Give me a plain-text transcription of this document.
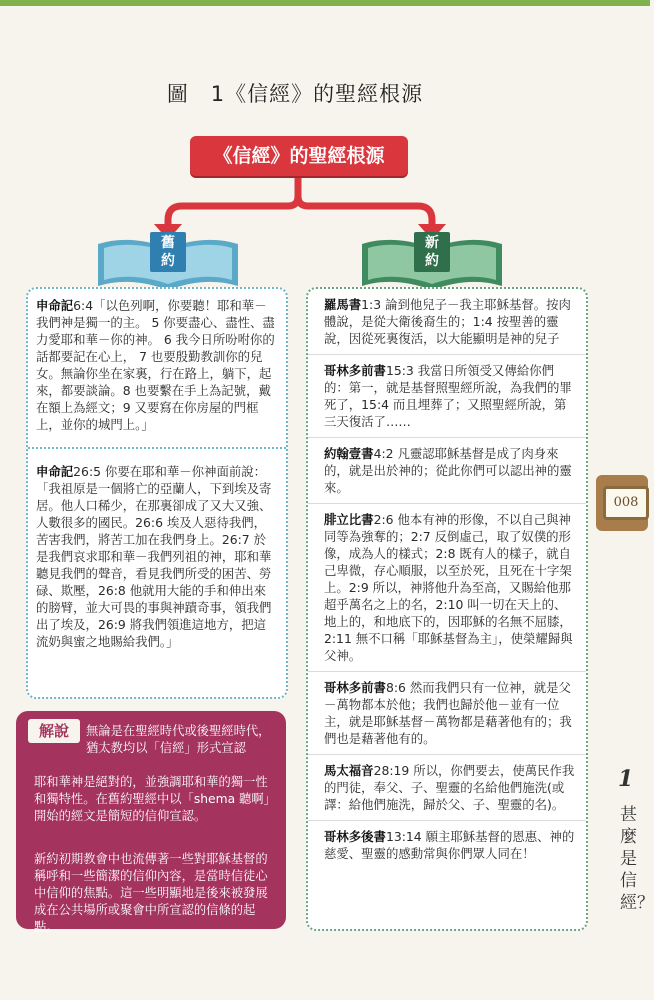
圖　1《信經》的聖經根源
《信經》的聖經根源
舊約
新約
申命記6:4「以色列啊，你要聽！耶和華－我們神是獨一的主。 5 你要盡心、盡性、盡力愛耶和華－你的神。 6 我今日所吩咐你的話都要記在心上， 7 也要殷勤教訓你的兒女。無論你坐在家裏，行在路上，躺下，起來，都要談論。8 也要繫在手上為記號，戴在額上為經文；9 又要寫在你房屋的門框上，並你的城門上。」
申命記26:5 你要在耶和華－你神面前說：「我祖原是一個將亡的亞蘭人，下到埃及寄居。他人口稀少，在那裏卻成了又大又強、人數很多的國民。26:6 埃及人惡待我們，苦害我們，將苦工加在我們身上。26:7 於是我們哀求耶和華－我們列祖的神，耶和華聽見我們的聲音，看見我們所受的困苦、勞碌、欺壓，26:8 他就用大能的手和伸出來的膀臂，並大可畏的事與神蹟奇事，領我們出了埃及，26:9 將我們領進這地方，把這流奶與蜜之地賜給我們。」
羅馬書1:3 論到他兒子－我主耶穌基督。按肉體說，是從大衛後裔生的；1:4 按聖善的靈說，因從死裏復活，以大能顯明是神的兒子
哥林多前書15:3 我當日所領受又傳給你們的：第一，就是基督照聖經所說，為我們的罪死了，15:4 而且埋葬了；又照聖經所說，第三天復活了……
約翰壹書4:2 凡靈認耶穌基督是成了肉身來的，就是出於神的；從此你們可以認出神的靈來。
腓立比書2:6 他本有神的形像，不以自己與神同等為強奪的；2:7 反倒虛己，取了奴僕的形像，成為人的樣式；2:8 既有人的樣子，就自己卑微，存心順服，以至於死，且死在十字架上。2:9 所以，神將他升為至高，又賜給他那超乎萬名之上的名，2:10 叫一切在天上的、地上的，和地底下的，因耶穌的名無不屈膝，2:11 無不口稱「耶穌基督為主」，使榮耀歸與父神。
哥林多前書8:6 然而我們只有一位神，就是父－萬物都本於他；我們也歸於他－並有一位主，就是耶穌基督－萬物都是藉著他有的；我們也是藉著他有的。
馬太福音28:19 所以，你們要去，使萬民作我的門徒，奉父、子、聖靈的名給他們施洗(或譯：給他們施洗，歸於父、子、聖靈的名)。
哥林多後書13:14 願主耶穌基督的恩惠、神的慈愛、聖靈的感動常與你們眾人同在！
解說	無論是在聖經時代或後聖經時代，猶太教均以「信經」形式宣認

耶和華神是絕對的，並強調耶和華的獨一性和獨特性。在舊約聖經中以「shema 聽啊」開始的經文是簡短的信仰宣認。

新約初期教會中也流傳著一些對耶穌基督的稱呼和一些簡潔的信仰內容，是當時信徒心中信仰的焦點。這一些明顯地是後來被發展成在公共場所或聚會中所宣認的信條的起點。

008
1
甚麼是信經？
